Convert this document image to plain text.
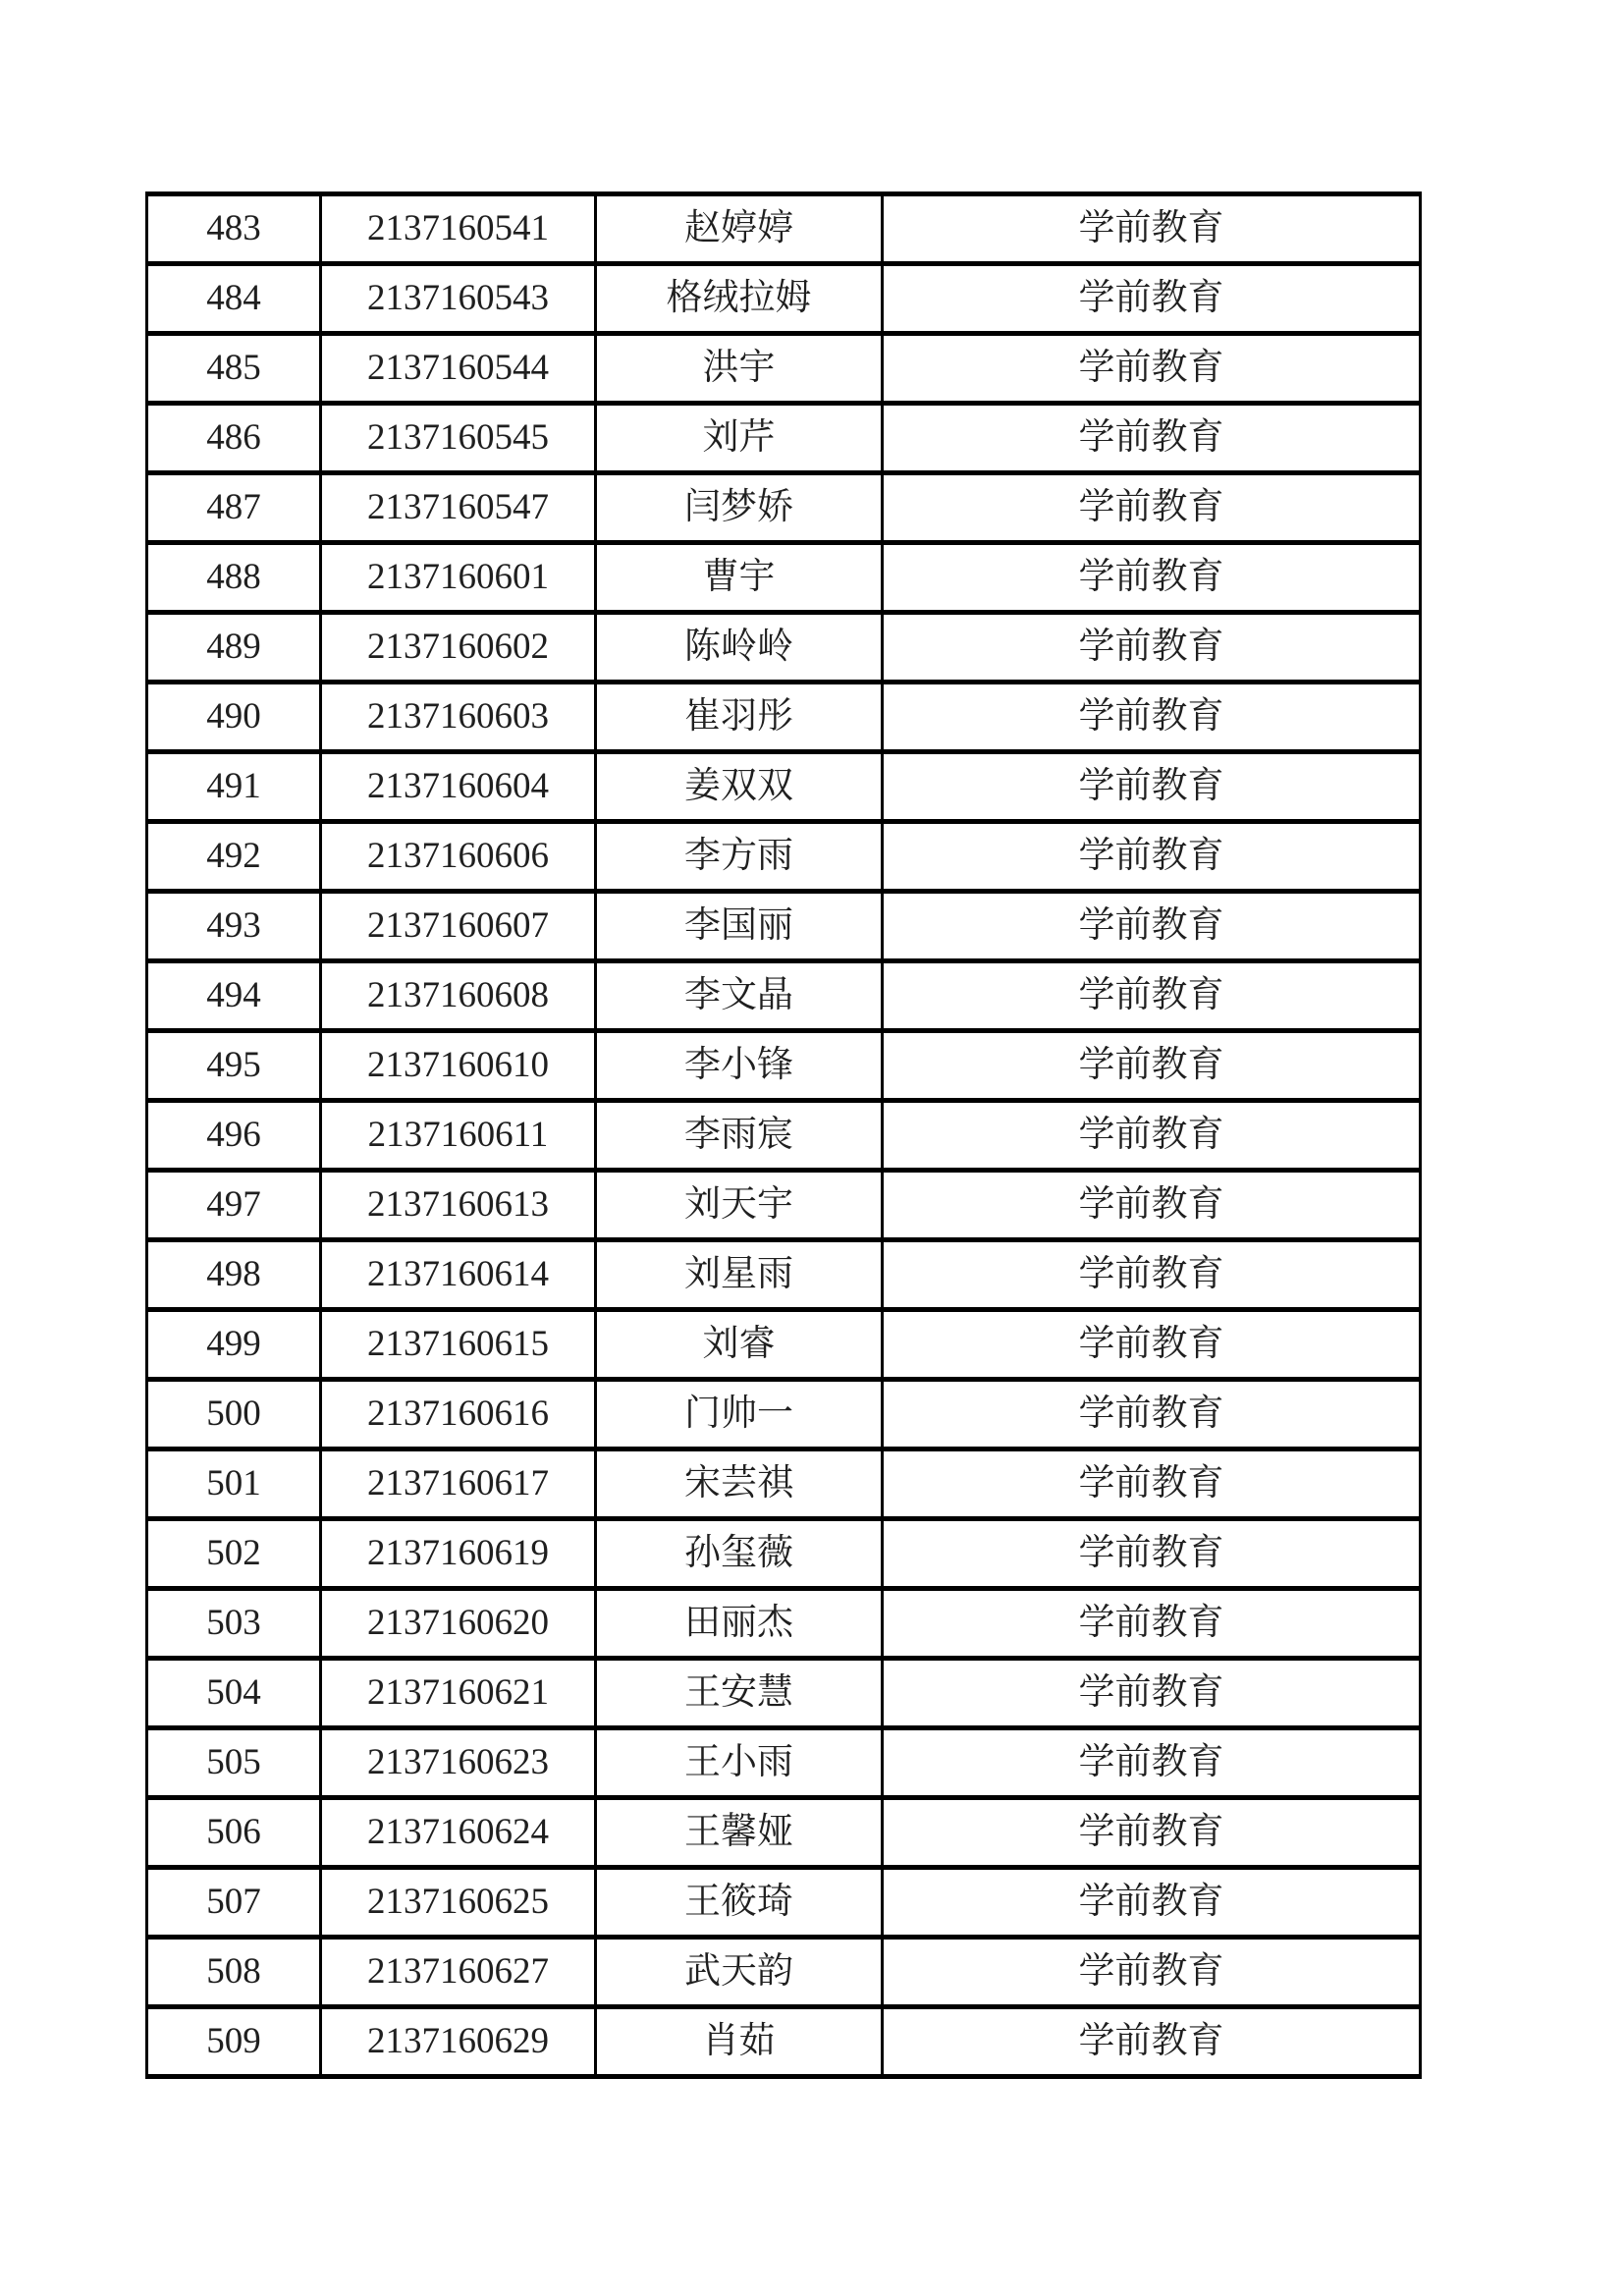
483	2137160541	赵婷婷	学前教育
484	2137160543	格绒拉姆	学前教育
485	2137160544	洪宇	学前教育
486	2137160545	刘芹	学前教育
487	2137160547	闫梦娇	学前教育
488	2137160601	曹宇	学前教育
489	2137160602	陈岭岭	学前教育
490	2137160603	崔羽彤	学前教育
491	2137160604	姜双双	学前教育
492	2137160606	李方雨	学前教育
493	2137160607	李国丽	学前教育
494	2137160608	李文晶	学前教育
495	2137160610	李小锋	学前教育
496	2137160611	李雨宸	学前教育
497	2137160613	刘天宇	学前教育
498	2137160614	刘星雨	学前教育
499	2137160615	刘睿	学前教育
500	2137160616	门帅一	学前教育
501	2137160617	宋芸祺	学前教育
502	2137160619	孙玺薇	学前教育
503	2137160620	田丽杰	学前教育
504	2137160621	王安慧	学前教育
505	2137160623	王小雨	学前教育
506	2137160624	王馨娅	学前教育
507	2137160625	王筱琦	学前教育
508	2137160627	武天韵	学前教育
509	2137160629	肖茹	学前教育
